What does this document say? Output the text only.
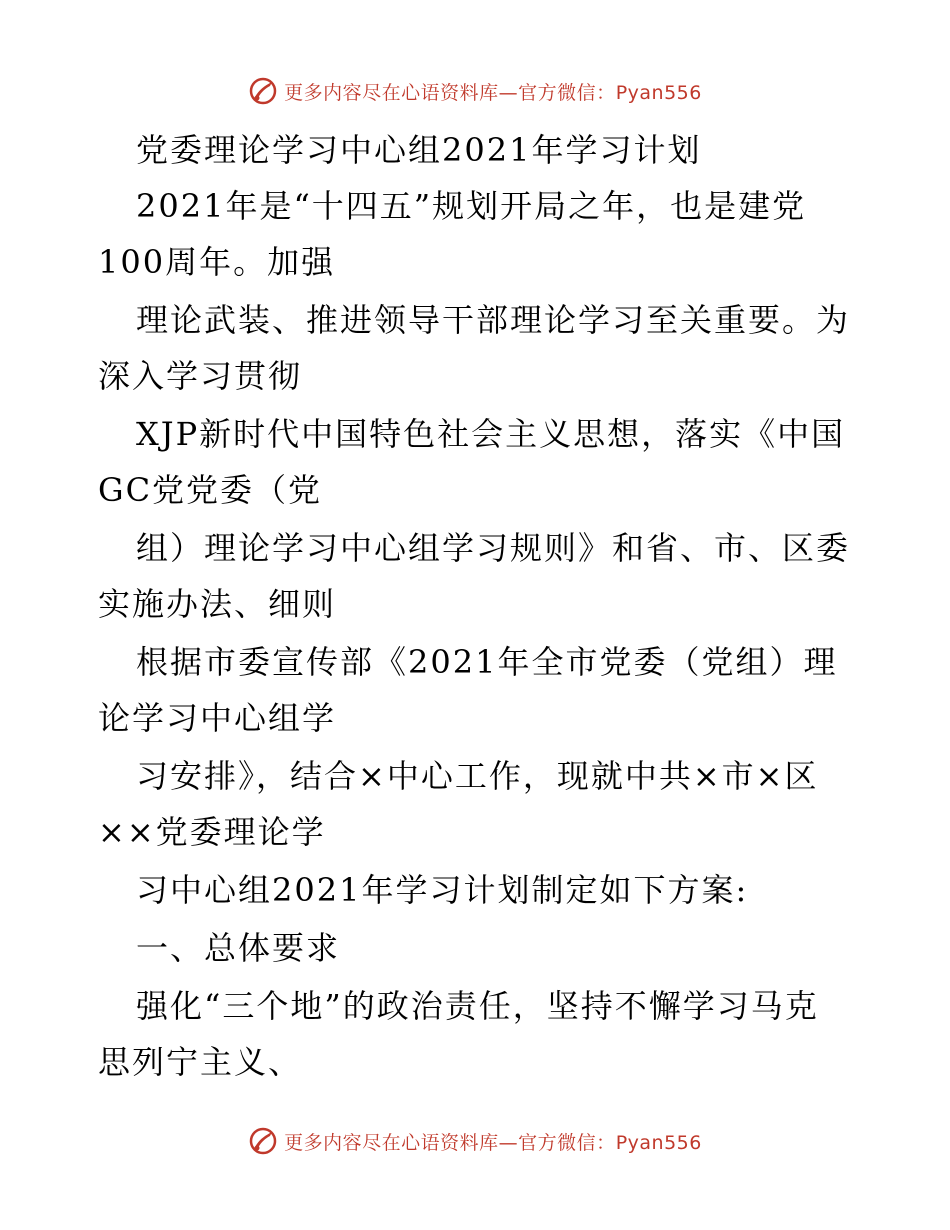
更多内容尽在心语资料库—官方微信：Pyan556
党委理论学习中心组2021年学习计划
2021年是“十四五”规划开局之年，也是建党
100周年。加强
理论武装、推进领导干部理论学习至关重要。为
深入学习贯彻
XJP新时代中国特色社会主义思想，落实《中国
GC党党委（党
组）理论学习中心组学习规则》和省、市、区委
实施办法、细则
根据市委宣传部《2021年全市党委（党组）理
论学习中心组学
习安排》，结合×中心工作，现就中共×市×区
××党委理论学
习中心组2021年学习计划制定如下方案:
一、总体要求
强化“三个地”的政治责任，坚持不懈学习马克
思列宁主义、
更多内容尽在心语资料库—官方微信：Pyan556
